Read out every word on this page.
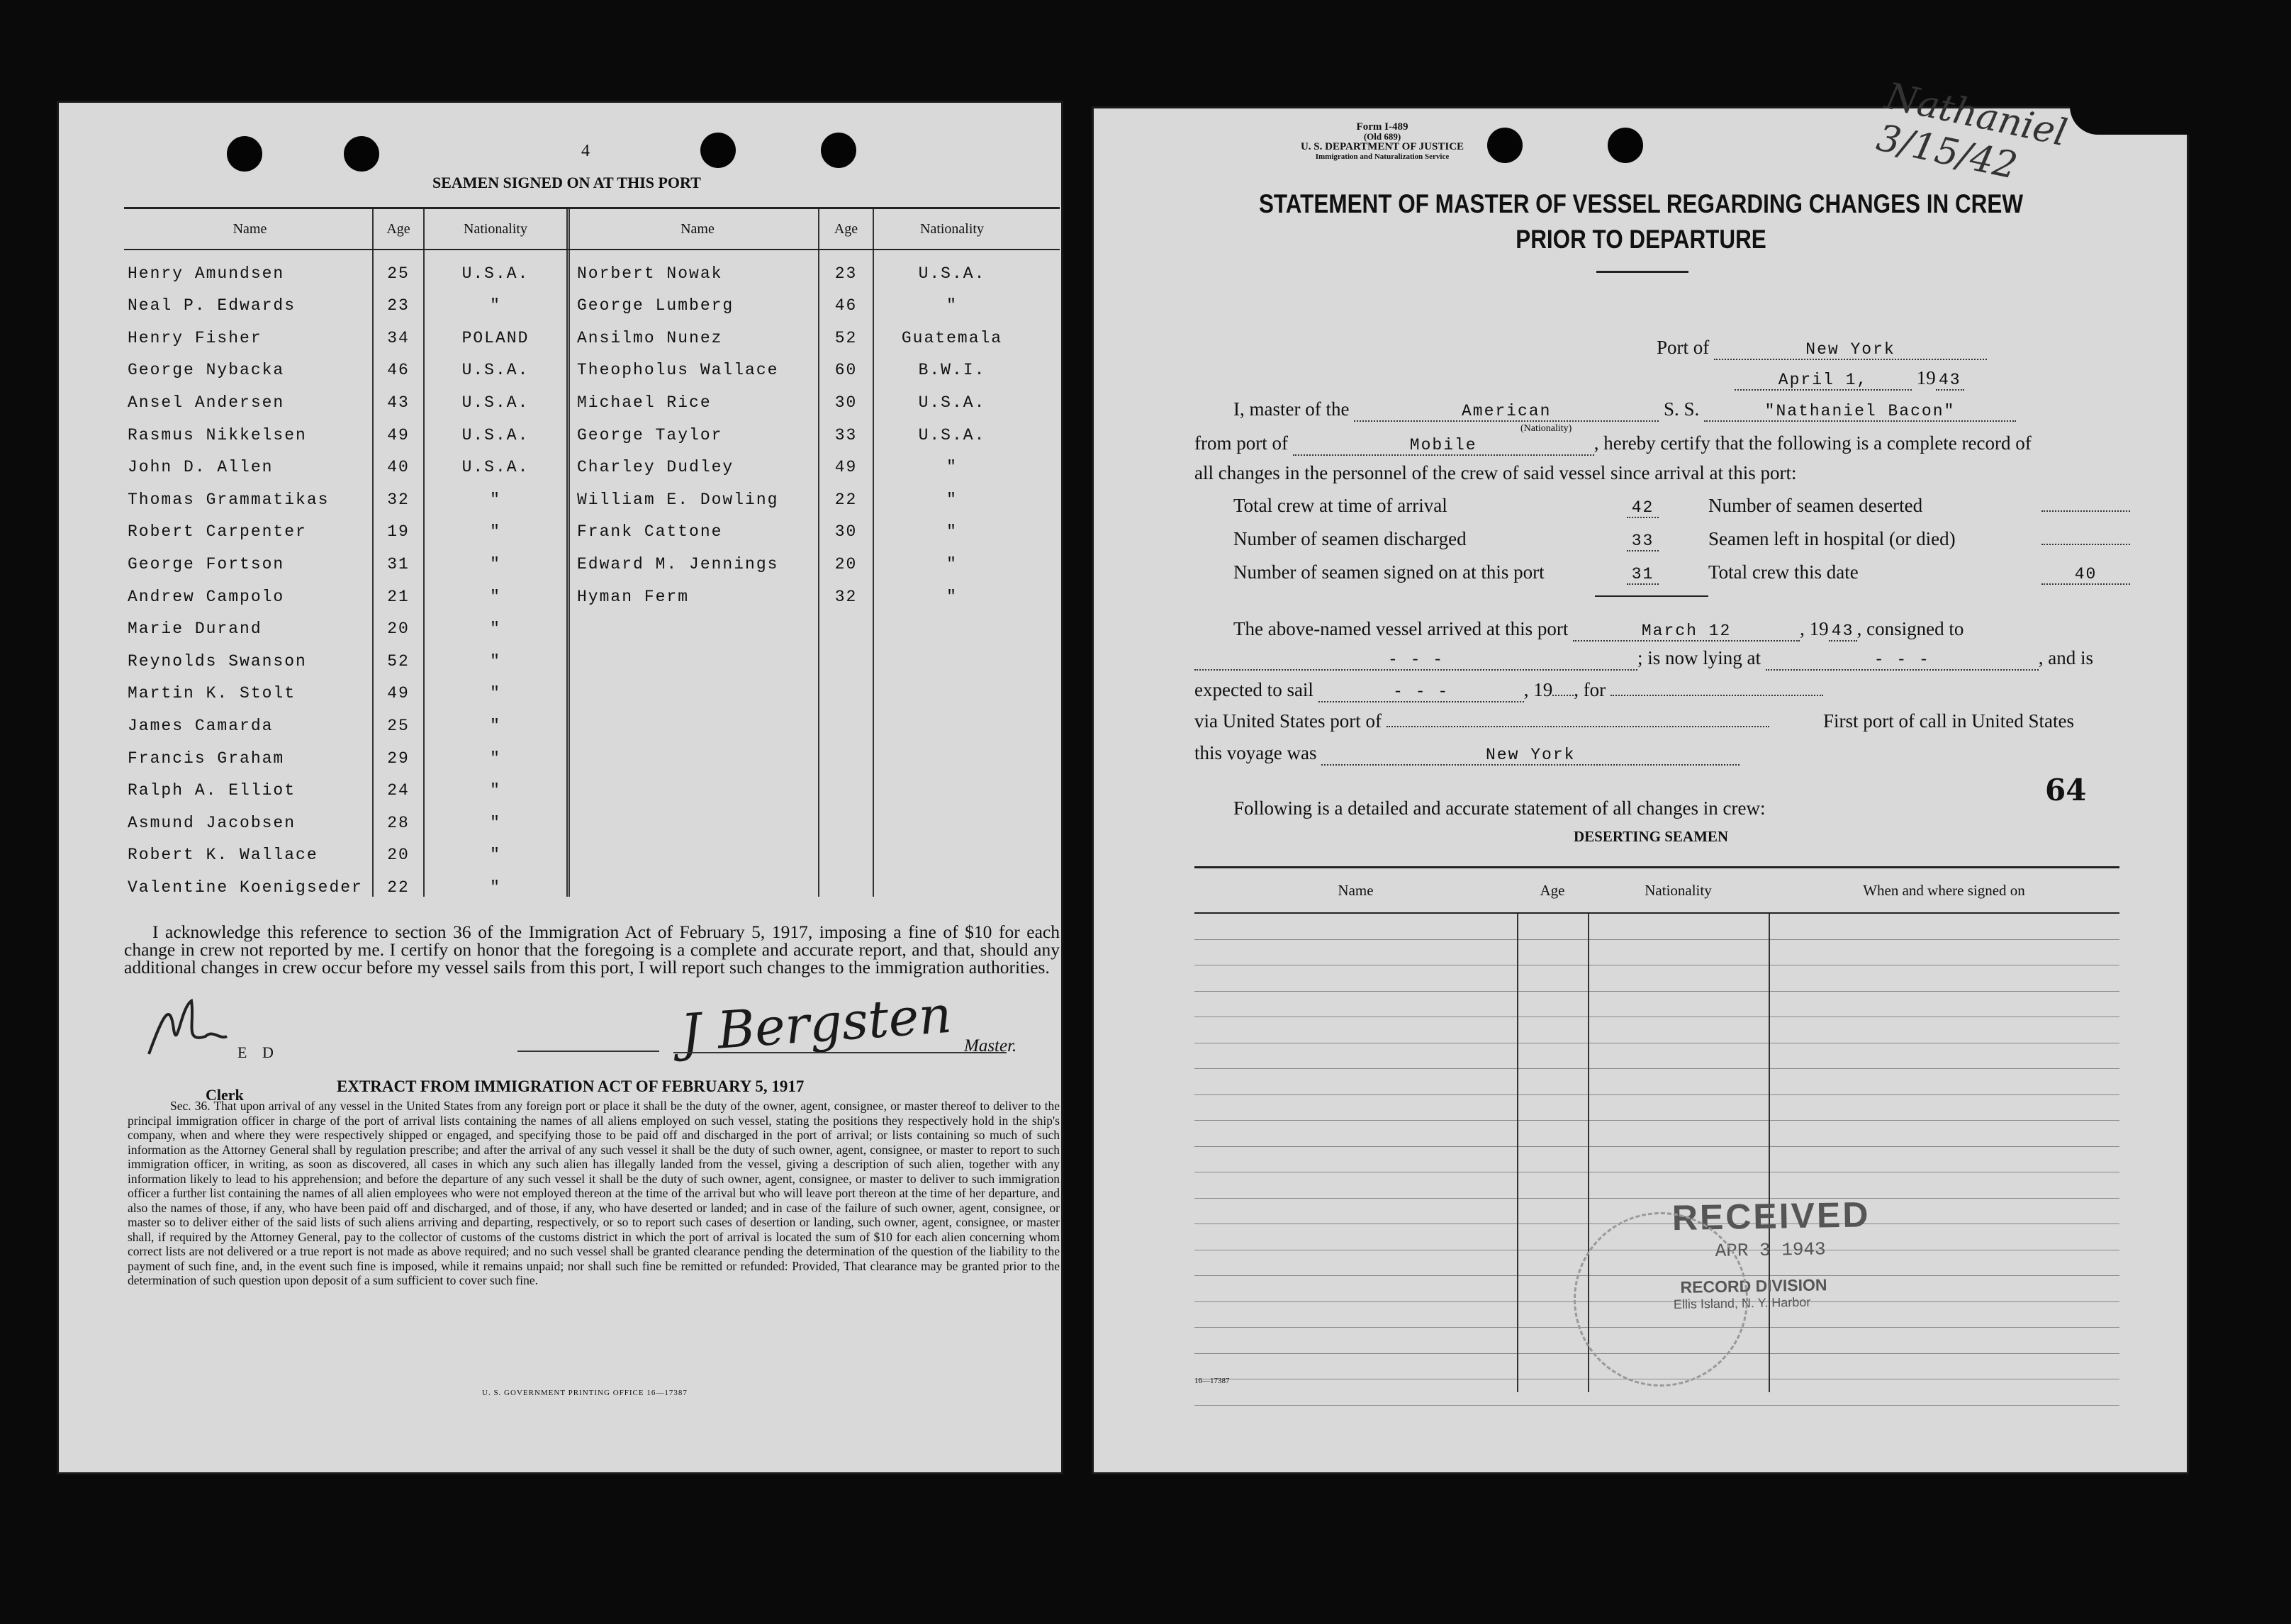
4
SEAMEN SIGNED ON AT THIS PORT
Name	Age	Nationality	Name	Age	Nationality
Henry Amundsen	25	U.S.A.	Norbert Nowak	23	U.S.A.
Neal P. Edwards	23	"	George Lumberg	46	"
Henry Fisher	34	POLAND	Ansilmo Nunez	52	Guatemala
George Nybacka	46	U.S.A.	Theopholus Wallace	60	B.W.I.
Ansel Andersen	43	U.S.A.	Michael Rice	30	U.S.A.
Rasmus Nikkelsen	49	U.S.A.	George Taylor	33	U.S.A.
John D. Allen	40	U.S.A.	Charley Dudley	49	"
Thomas Grammatikas	32	"	William E. Dowling	22	"
Robert Carpenter	19	"	Frank Cattone	30	"
George Fortson	31	"	Edward M. Jennings	20	"
Andrew Campolo	21	"	Hyman Ferm	32	"
Marie Durand	20	"
Reynolds Swanson	52	"
Martin K. Stolt	49	"
James Camarda	25	"
Francis Graham	29	"
Ralph A. Elliot	24	"
Asmund Jacobsen	28	"
Robert K. Wallace	20	"
Valentine Koenigseder	22	"
I acknowledge this reference to section 36 of the Immigration Act of February 5, 1917, imposing a fine of $10 for each change in crew not reported by me. I certify on honor that the foregoing is a complete and accurate report, and that, should any additional changes in crew occur before my vessel sails from this port, I will report such changes to the immigration authorities.
E D	J Bergsten Master.
Clerk	EXTRACT FROM IMMIGRATION ACT OF FEBRUARY 5, 1917
Sec. 36. That upon arrival of any vessel in the United States from any foreign port or place it shall be the duty of the owner, agent, consignee, or master thereof to deliver to the principal immigration officer in charge of the port of arrival lists containing the names of all aliens employed on such vessel, stating the positions they respectively hold in the ship's company, when and where they were respectively shipped or engaged, and specifying those to be paid off and discharged in the port of arrival; or lists containing so much of such information as the Attorney General shall by regulation prescribe; and after the arrival of any such vessel it shall be the duty of such owner, agent, consignee, or master to report to such immigration officer, in writing, as soon as discovered, all cases in which any such alien has illegally landed from the vessel, giving a description of such alien, together with any information likely to lead to his apprehension; and before the departure of any such vessel it shall be the duty of such owner, agent, consignee, or master to deliver to such immigration officer a further list containing the names of all alien employees who were not employed thereon at the time of the arrival but who will leave port thereon at the time of her departure, and also the names of those, if any, who have been paid off and discharged, and of those, if any, who have deserted or landed; and in case of the failure of such owner, agent, consignee, or master so to deliver either of the said lists of such aliens arriving and departing, respectively, or so to report such cases of desertion or landing, such owner, agent, consignee, or master shall, if required by the Attorney General, pay to the collector of customs of the customs district in which the port of arrival is located the sum of $10 for each alien concerning whom correct lists are not delivered or a true report is not made as above required; and no such vessel shall be granted clearance pending the determination of the question of the liability to the payment of such fine, and, in the event such fine is imposed, while it remains unpaid; nor shall such fine be remitted or refunded: Provided, That clearance may be granted prior to the determination of such question upon deposit of a sum sufficient to cover such fine.
U. S. GOVERNMENT PRINTING OFFICE 16—17387
Form I-489
(Old 689)
U. S. DEPARTMENT OF JUSTICE
Immigration and Naturalization Service
Nathaniel 3/15/42
STATEMENT OF MASTER OF VESSEL REGARDING CHANGES IN CREW
PRIOR TO DEPARTURE
Port of	New York
April 1,	19 43
I, master of the	American	S. S.	"Nathaniel Bacon"
(Nationality)
from port of	Mobile	, hereby certify that the following is a complete record of
all changes in the personnel of the crew of said vessel since arrival at this port:
Total crew at time of arrival	42	Number of seamen deserted
Number of seamen discharged	33	Seamen left in hospital (or died)
Number of seamen signed on at this port	31	Total crew this date	40
The above-named vessel arrived at this port	March 12	, 19 43 , consigned to
- - -	; is now lying at	- - -	, and is
expected to sail	- - -	, 19 , for
via United States port of	First port of call in United States
this voyage was	New York
Following is a detailed and accurate statement of all changes in crew:
64
DESERTING SEAMEN
Name	Age	Nationality	When and where signed on
RECEIVED
APR 3 1943
RECORD DIVISION
Ellis Island, N. Y. Harbor
16—17387
